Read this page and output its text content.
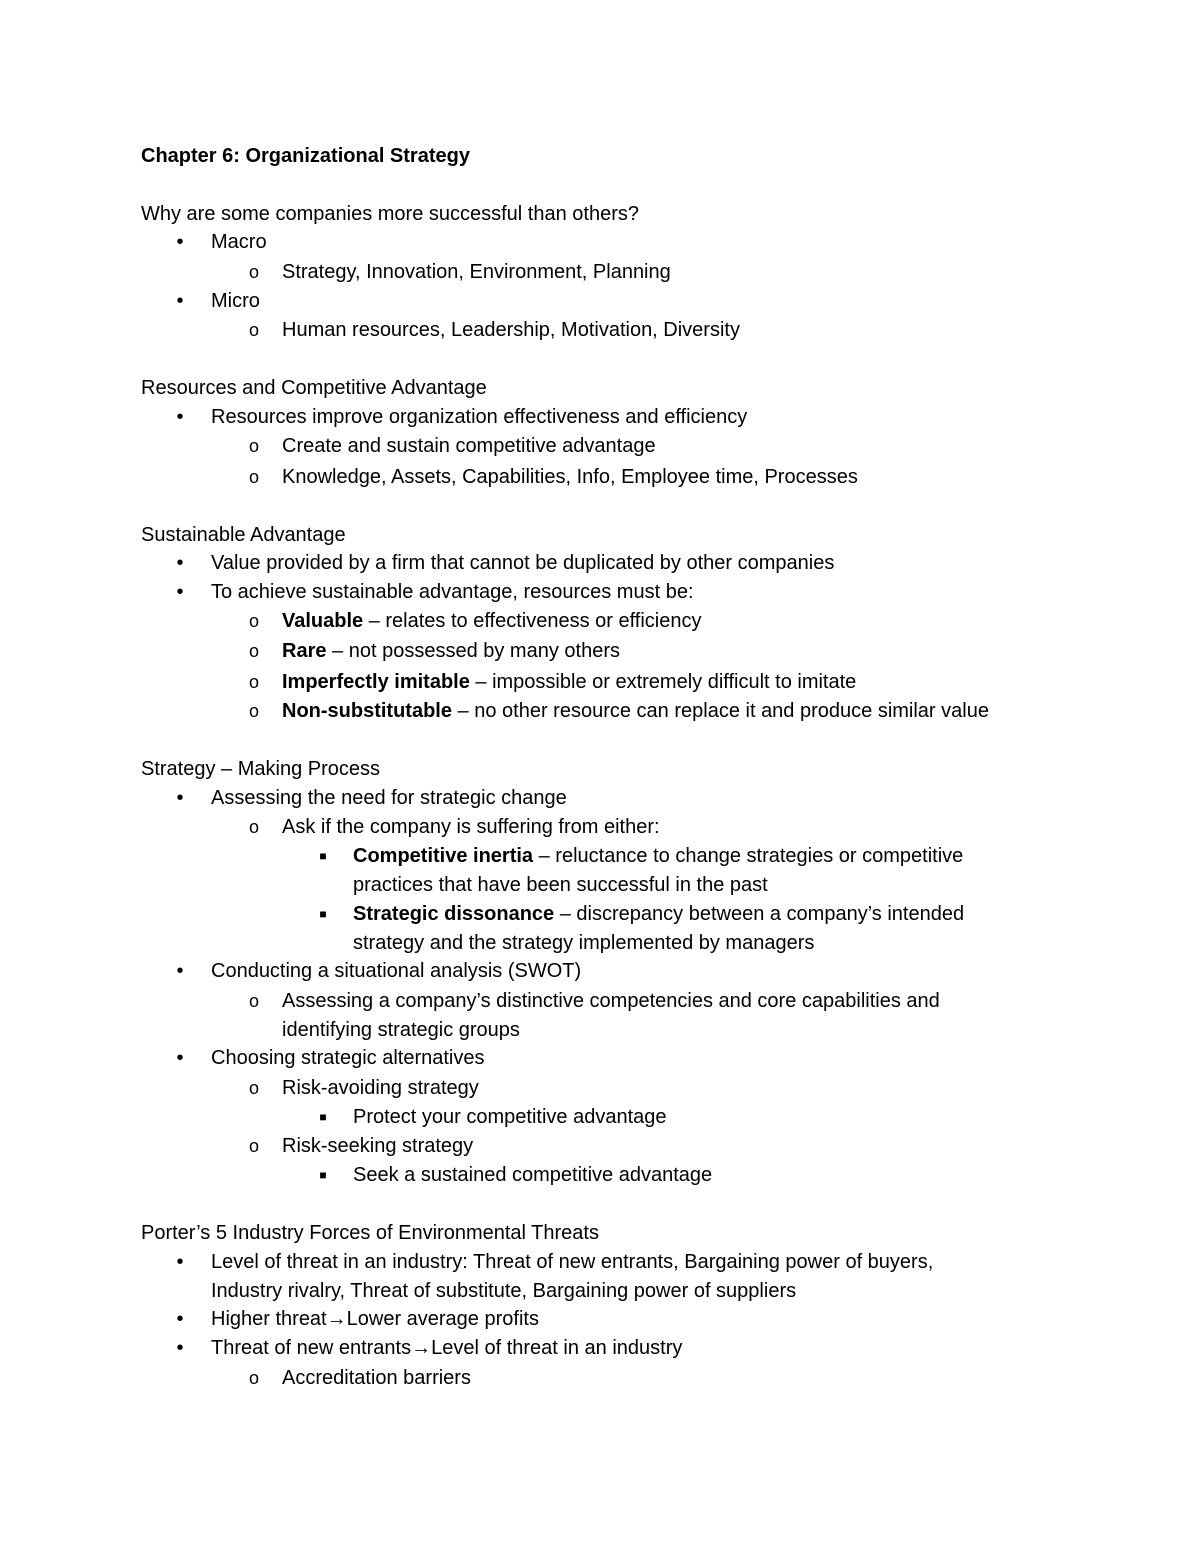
Chapter 6: Organizational Strategy
Why are some companies more successful than others?
• Macro
o Strategy, Innovation, Environment, Planning
• Micro
o Human resources, Leadership, Motivation, Diversity
Resources and Competitive Advantage
• Resources improve organization effectiveness and efficiency
o Create and sustain competitive advantage
o Knowledge, Assets, Capabilities, Info, Employee time, Processes
Sustainable Advantage
• Value provided by a firm that cannot be duplicated by other companies
• To achieve sustainable advantage, resources must be:
o Valuable – relates to effectiveness or efficiency
o Rare – not possessed by many others
o Imperfectly imitable – impossible or extremely difficult to imitate
o Non-substitutable – no other resource can replace it and produce similar value
Strategy – Making Process
• Assessing the need for strategic change
o Ask if the company is suffering from either:
■ Competitive inertia – reluctance to change strategies or competitive
practices that have been successful in the past
■ Strategic dissonance – discrepancy between a company’s intended
strategy and the strategy implemented by managers
• Conducting a situational analysis (SWOT)
o Assessing a company’s distinctive competencies and core capabilities and
identifying strategic groups
• Choosing strategic alternatives
o Risk-avoiding strategy
■ Protect your competitive advantage
o Risk-seeking strategy
■ Seek a sustained competitive advantage
Porter’s 5 Industry Forces of Environmental Threats
• Level of threat in an industry: Threat of new entrants, Bargaining power of buyers,
Industry rivalry, Threat of substitute, Bargaining power of suppliers
• Higher threat→Lower average profits
• Threat of new entrants→Level of threat in an industry
o Accreditation barriers
